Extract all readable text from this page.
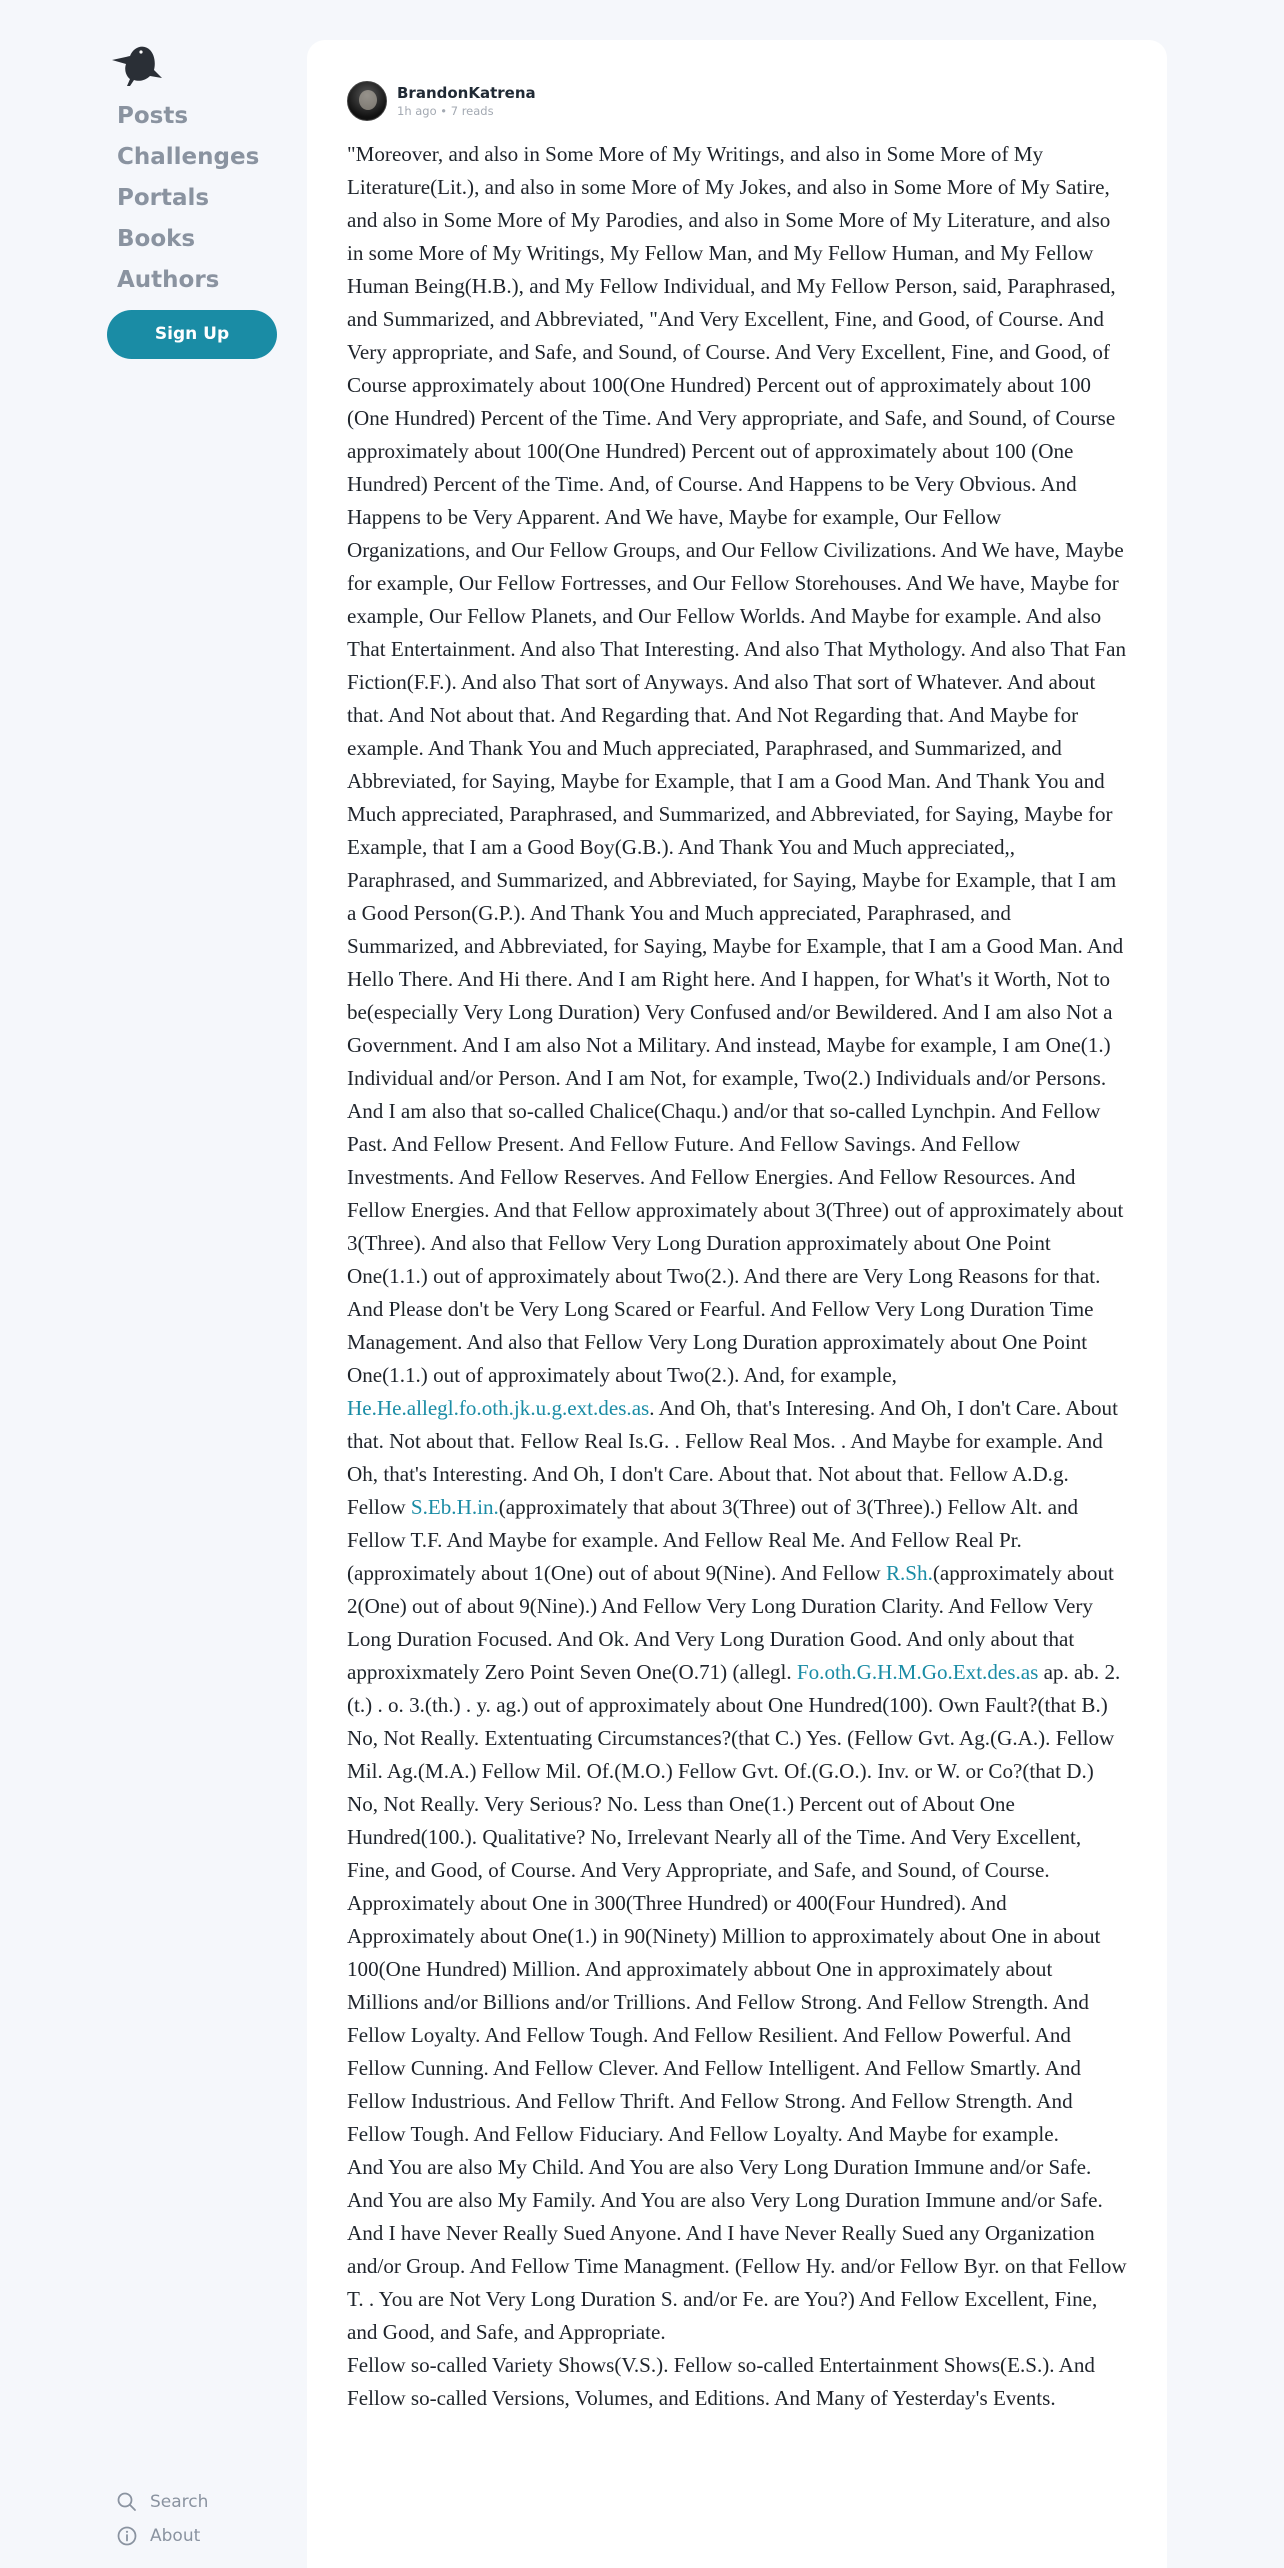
Posts
Challenges
Portals
Books
Authors
Sign Up
Search
About
BrandonKatrena
1h ago • 7 reads

"Moreover, and also in Some More of My Writings, and also in Some More of My Literature(Lit.), and also in some More of My Jokes, and also in Some More of My Satire, and also in Some More of My Parodies, and also in Some More of My Literature, and also in some More of My Writings, My Fellow Man, and My Fellow Human, and My Fellow Human Being(H.B.), and My Fellow Individual, and My Fellow Person, said, Paraphrased, and Summarized, and Abbreviated, "And Very Excellent, Fine, and Good, of Course. And Very appropriate, and Safe, and Sound, of Course. And Very Excellent, Fine, and Good, of Course approximately about 100(One Hundred) Percent out of approximately about 100 (One Hundred) Percent of the Time. And Very appropriate, and Safe, and Sound, of Course approximately about 100(One Hundred) Percent out of approximately about 100 (One Hundred) Percent of the Time. And, of Course. And Happens to be Very Obvious. And Happens to be Very Apparent. And We have, Maybe for example, Our Fellow Organizations, and Our Fellow Groups, and Our Fellow Civilizations. And We have, Maybe for example, Our Fellow Fortresses, and Our Fellow Storehouses. And We have, Maybe for example, Our Fellow Planets, and Our Fellow Worlds. And Maybe for example. And also That Entertainment. And also That Interesting. And also That Mythology. And also That Fan Fiction(F.F.). And also That sort of Anyways. And also That sort of Whatever. And about that. And Not about that. And Regarding that. And Not Regarding that. And Maybe for example. And Thank You and Much appreciated, Paraphrased, and Summarized, and Abbreviated, for Saying, Maybe for Example, that I am a Good Man. And Thank You and Much appreciated, Paraphrased, and Summarized, and Abbreviated, for Saying, Maybe for Example, that I am a Good Boy(G.B.). And Thank You and Much appreciated,, Paraphrased, and Summarized, and Abbreviated, for Saying, Maybe for Example, that I am a Good Person(G.P.). And Thank You and Much appreciated, Paraphrased, and Summarized, and Abbreviated, for Saying, Maybe for Example, that I am a Good Man. And Hello There. And Hi there. And I am Right here. And I happen, for What's it Worth, Not to be(especially Very Long Duration) Very Confused and/or Bewildered. And I am also Not a Government. And I am also Not a Military. And instead, Maybe for example, I am One(1.) Individual and/or Person. And I am Not, for example, Two(2.) Individuals and/or Persons. And I am also that so-called Chalice(Chaqu.) and/or that so-called Lynchpin. And Fellow Past. And Fellow Present. And Fellow Future. And Fellow Savings. And Fellow Investments. And Fellow Reserves. And Fellow Energies. And Fellow Resources. And Fellow Energies. And that Fellow approximately about 3(Three) out of approximately about 3(Three). And also that Fellow Very Long Duration approximately about One Point One(1.1.) out of approximately about Two(2.). And there are Very Long Reasons for that. And Please don't be Very Long Scared or Fearful. And Fellow Very Long Duration Time Management. And also that Fellow Very Long Duration approximately about One Point One(1.1.) out of approximately about Two(2.). And, for example, He.He.allegl.fo.oth.jk.u.g.ext.des.as. And Oh, that's Interesing. And Oh, I don't Care. About that. Not about that. Fellow Real Is.G. . Fellow Real Mos. . And Maybe for example. And Oh, that's Interesting. And Oh, I don't Care. About that. Not about that. Fellow A.D.g. Fellow S.Eb.H.in.(approximately that about 3(Three) out of 3(Three).) Fellow Alt. and Fellow T.F. And Maybe for example. And Fellow Real Me. And Fellow Real Pr.(approximately about 1(One) out of about 9(Nine). And Fellow R.Sh.(approximately about 2(One) out of about 9(Nine).) And Fellow Very Long Duration Clarity. And Fellow Very Long Duration Focused. And Ok. And Very Long Duration Good. And only about that approxixmately Zero Point Seven One(O.71) (allegl. Fo.oth.G.H.M.Go.Ext.des.as ap. ab. 2.(t.) . o. 3.(th.) . y. ag.) out of approximately about One Hundred(100). Own Fault?(that B.) No, Not Really. Extentuating Circumstances?(that C.) Yes. (Fellow Gvt. Ag.(G.A.). Fellow Mil. Ag.(M.A.) Fellow Mil. Of.(M.O.) Fellow Gvt. Of.(G.O.). Inv. or W. or Co?(that D.) No, Not Really. Very Serious? No. Less than One(1.) Percent out of About One Hundred(100.). Qualitative? No, Irrelevant Nearly all of the Time. And Very Excellent, Fine, and Good, of Course. And Very Appropriate, and Safe, and Sound, of Course. Approximately about One in 300(Three Hundred) or 400(Four Hundred). And Approximately about One(1.) in 90(Ninety) Million to approximately about One in about 100(One Hundred) Million. And approximately abbout One in approximately about Millions and/or Billions and/or Trillions. And Fellow Strong. And Fellow Strength. And Fellow Loyalty. And Fellow Tough. And Fellow Resilient. And Fellow Powerful. And Fellow Cunning. And Fellow Clever. And Fellow Intelligent. And Fellow Smartly. And Fellow Industrious. And Fellow Thrift. And Fellow Strong. And Fellow Strength. And Fellow Tough. And Fellow Fiduciary. And Fellow Loyalty. And Maybe for example.

And You are also My Child. And You are also Very Long Duration Immune and/or Safe. And You are also My Family. And You are also Very Long Duration Immune and/or Safe.

And I have Never Really Sued Anyone. And I have Never Really Sued any Organization and/or Group. And Fellow Time Managment. (Fellow Hy. and/or Fellow Byr. on that Fellow T. . You are Not Very Long Duration S. and/or Fe. are You?) And Fellow Excellent, Fine, and Good, and Safe, and Appropriate.

Fellow so-called Variety Shows(V.S.). Fellow so-called Entertainment Shows(E.S.). And Fellow so-called Versions, Volumes, and Editions. And Many of Yesterday's Events.
